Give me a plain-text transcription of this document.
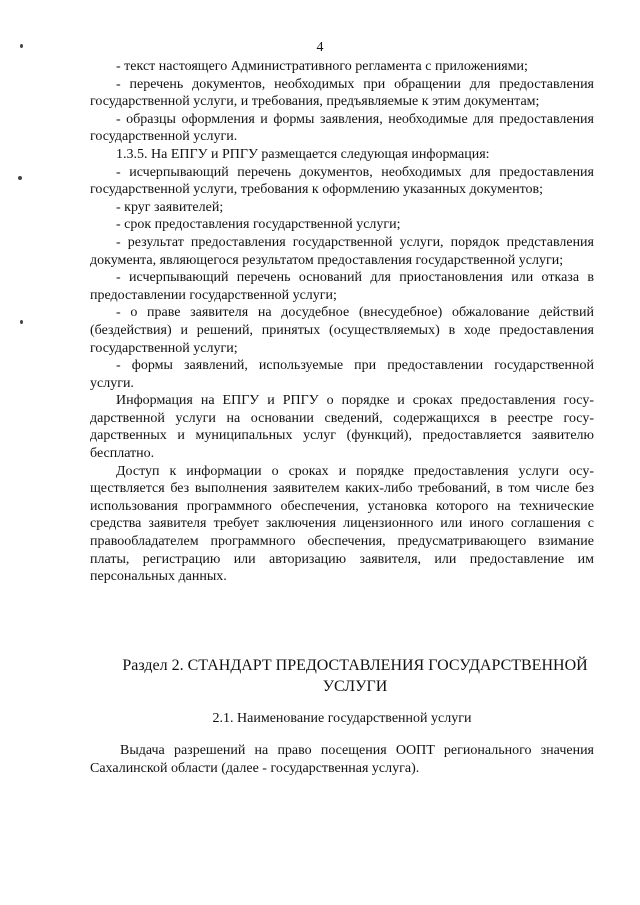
4

- текст настоящего Административного регламента с приложениями;

- перечень документов, необходимых при обращении для предоставления государственной услуги, и требования, предъявляемые к этим документам;

- образцы оформления и формы заявления, необходимые для предоставления государственной услуги.

1.3.5. На ЕПГУ и РПГУ размещается следующая информация:

- исчерпывающий перечень документов, необходимых для предоставления государственной услуги, требования к оформлению указанных документов;

- круг заявителей;

- срок предоставления государственной услуги;

- результат предоставления государственной услуги, порядок представления документа, являющегося результатом предоставления государственной услуги;

- исчерпывающий перечень оснований для приостановления или отказа в предоставлении государственной услуги;

- о праве заявителя на досудебное (внесудебное) обжалование действий (бездействия) и решений, принятых (осуществляемых) в ходе предоставления государственной услуги;

- формы заявлений, используемые при предоставлении государственной услуги.

Информация на ЕПГУ и РПГУ о порядке и сроках предоставления государственной услуги на основании сведений, содержащихся в реестре государственных и муниципальных услуг (функций), предоставляется заявителю бесплатно.

Доступ к информации о сроках и порядке предоставления услуги осуществляется без выполнения заявителем каких-либо требований, в том числе без использования программного обеспечения, установка которого на технические средства заявителя требует заключения лицензионного или иного соглашения с правообладателем программного обеспечения, предусматривающего взимание платы, регистрацию или авторизацию заявителя, или предоставление им персональных данных.

Раздел 2. СТАНДАРТ ПРЕДОСТАВЛЕНИЯ ГОСУДАРСТВЕННОЙ УСЛУГИ
2.1. Наименование государственной услуги

Выдача разрешений на право посещения ООПТ регионального значения Сахалинской области (далее - государственная услуга).
